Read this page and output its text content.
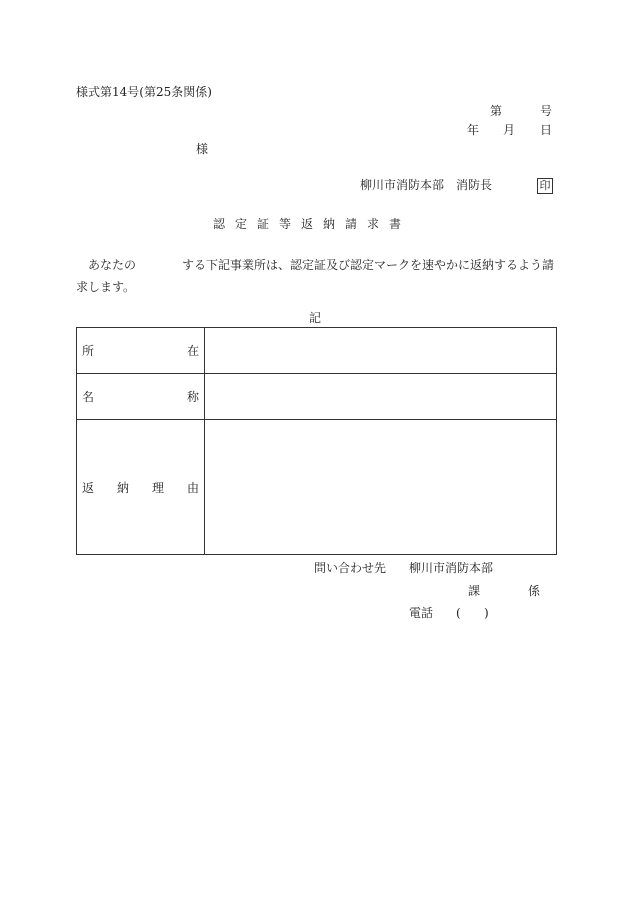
様式第14号(第25条関係)
第	号
年 月 日
様
柳川市消防本部　消防長	印
認定証等返納請求書
あなたの	する下記事業所は、認定証及び認定マークを速やかに返納するよう請求します。
記
所 在	

名 称	

返 納 理 由	

問い合わせ先 柳川市消防本部
課	係
電話 ( )
